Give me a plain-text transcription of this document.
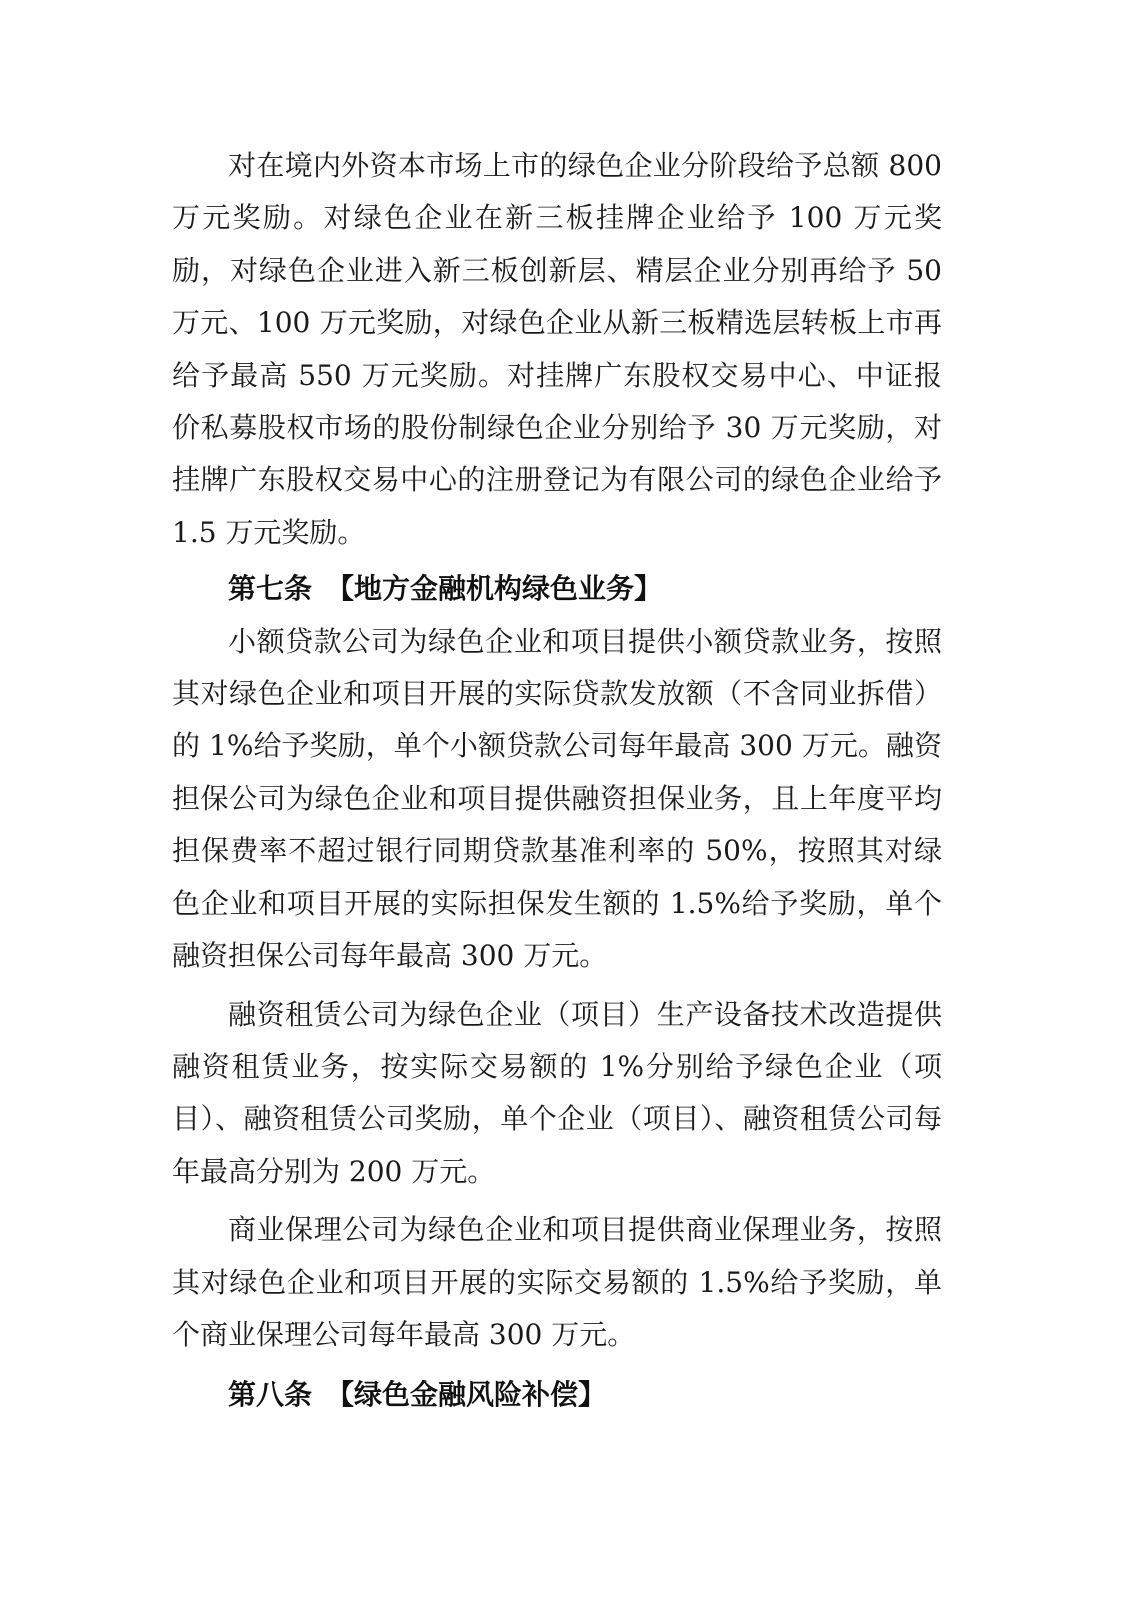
对在境内外资本市场上市的绿色企业分阶段给予总额 800 万元奖励。对绿色企业在新三板挂牌企业给予 100 万元奖励，对绿色企业进入新三板创新层、精层企业分别再给予 50 万元、100 万元奖励，对绿色企业从新三板精选层转板上市再给予最高 550 万元奖励。对挂牌广东股权交易中心、中证报价私募股权市场的股份制绿色企业分别给予 30 万元奖励，对挂牌广东股权交易中心的注册登记为有限公司的绿色企业给予 1.5 万元奖励。

第七条 【地方金融机构绿色业务】

小额贷款公司为绿色企业和项目提供小额贷款业务，按照其对绿色企业和项目开展的实际贷款发放额（不含同业拆借）的 1%给予奖励，单个小额贷款公司每年最高 300 万元。融资担保公司为绿色企业和项目提供融资担保业务，且上年度平均担保费率不超过银行同期贷款基准利率的 50%，按照其对绿色企业和项目开展的实际担保发生额的 1.5%给予奖励，单个融资担保公司每年最高 300 万元。

融资租赁公司为绿色企业（项目）生产设备技术改造提供融资租赁业务，按实际交易额的 1%分别给予绿色企业（项目）、融资租赁公司奖励，单个企业（项目）、融资租赁公司每年最高分别为 200 万元。

商业保理公司为绿色企业和项目提供商业保理业务，按照其对绿色企业和项目开展的实际交易额的 1.5%给予奖励，单个商业保理公司每年最高 300 万元。

第八条 【绿色金融风险补偿】
